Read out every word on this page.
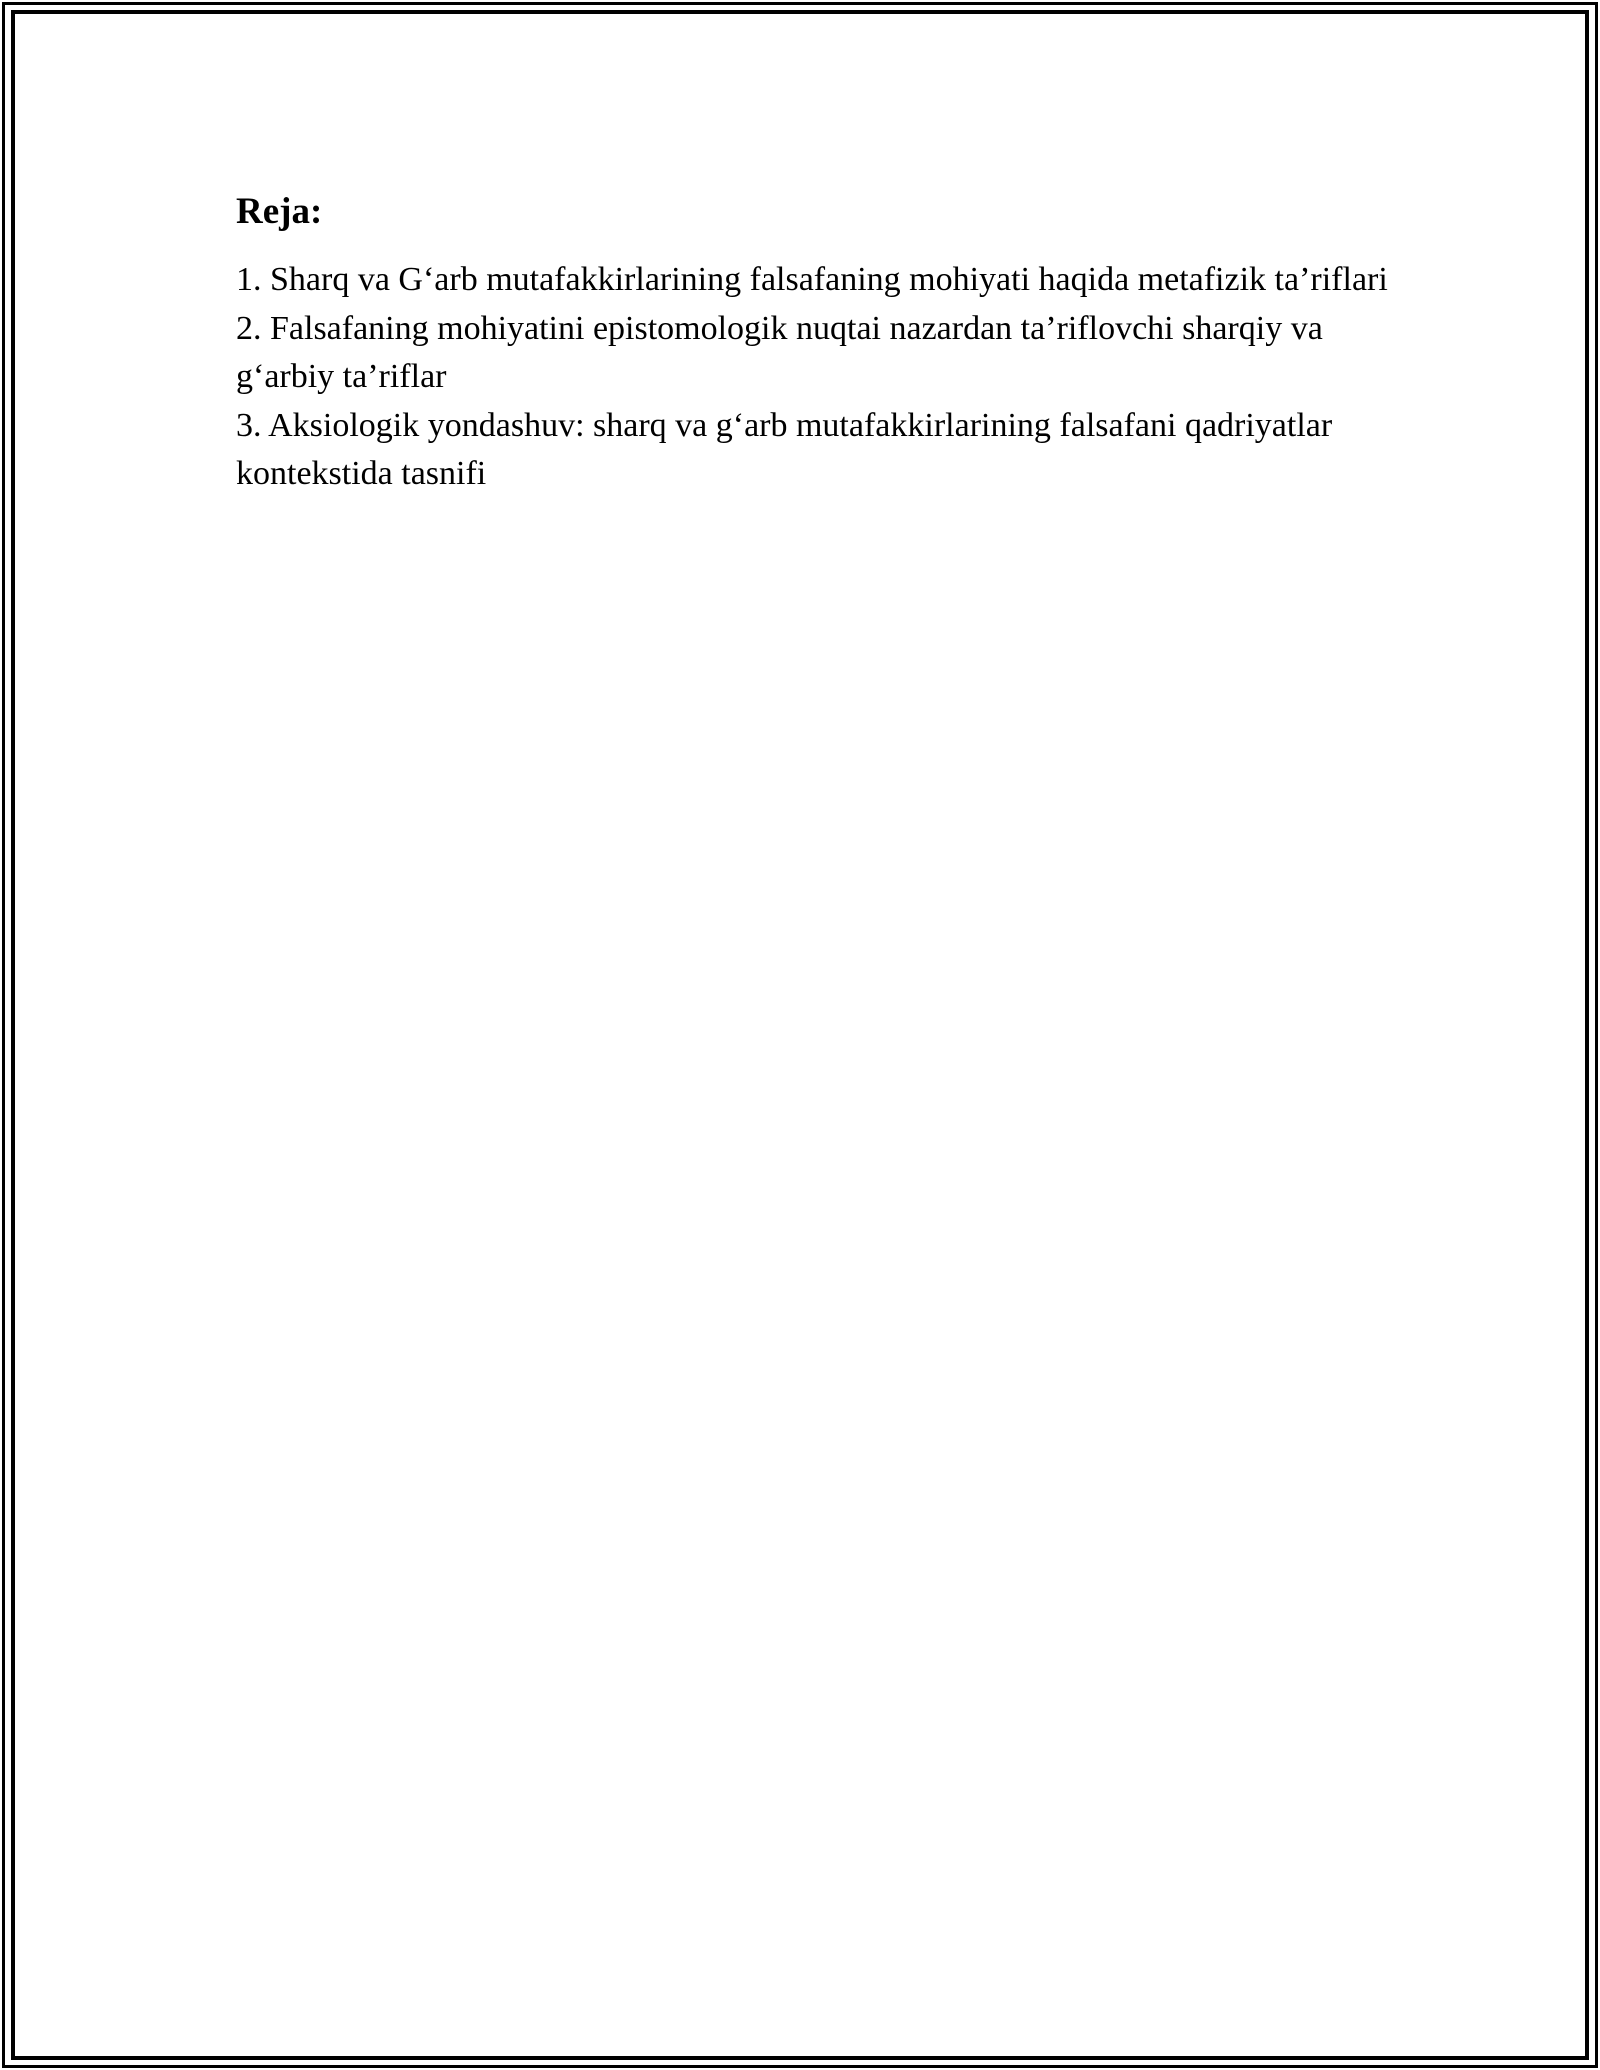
Reja:
1. Sharq va G‘arb mutafakkirlarining falsafaning mohiyati haqida metafizik ta’riflari
2. Falsafaning mohiyatini epistomologik nuqtai nazardan ta’riflovchi sharqiy va g‘arbiy ta’riflar
3. Aksiologik yondashuv: sharq va g‘arb mutafakkirlarining falsafani qadriyatlar kontekstida tasnifi
